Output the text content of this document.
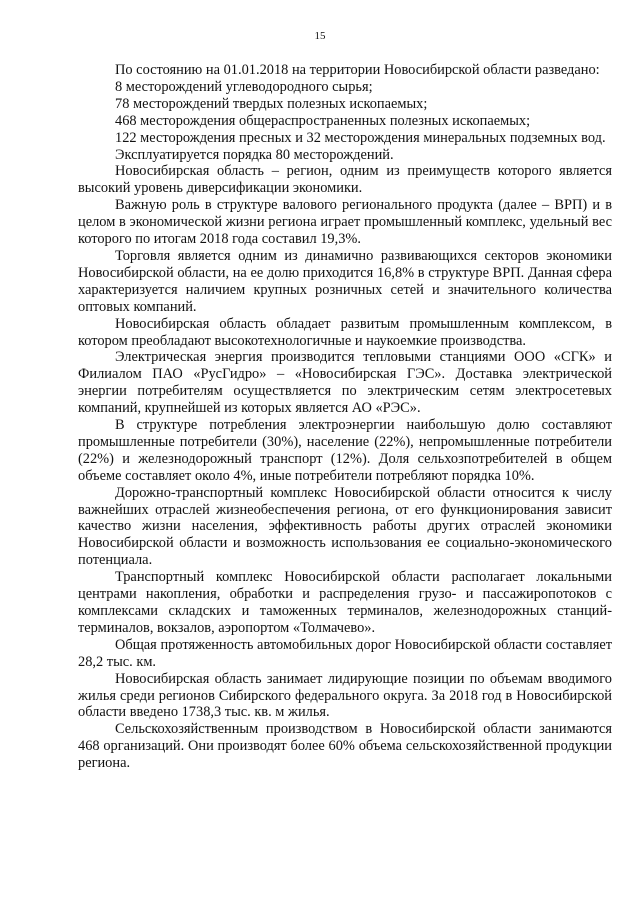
15

По состоянию на 01.01.2018 на территории Новосибирской области разведано:

8 месторождений углеводородного сырья;

78 месторождений твердых полезных ископаемых;

468 месторождения общераспространенных полезных ископаемых;

122 месторождения пресных и 32 месторождения минеральных подземных вод.

Эксплуатируется порядка 80 месторождений.

Новосибирская область – регион, одним из преимуществ которого является высокий уровень диверсификации экономики.

Важную роль в структуре валового регионального продукта (далее – ВРП) и в целом в экономической жизни региона играет промышленный комплекс, удельный вес которого по итогам 2018 года составил 19,3%.

Торговля является одним из динамично развивающихся секторов экономики Новосибирской области, на ее долю приходится 16,8% в структуре ВРП. Данная сфера характеризуется наличием крупных розничных сетей и значительного количества оптовых компаний.

Новосибирская область обладает развитым промышленным комплексом, в котором преобладают высокотехнологичные и наукоемкие производства.

Электрическая энергия производится тепловыми станциями ООО «СГК» и Филиалом ПАО «РусГидро» – «Новосибирская ГЭС». Доставка электрической энергии потребителям осуществляется по электрическим сетям электросетевых компаний, крупнейшей из которых является АО «РЭС».

В структуре потребления электроэнергии наибольшую долю составляют промышленные потребители (30%), население (22%), непромышленные потребители (22%) и железнодорожный транспорт (12%). Доля сельхозпотребителей в общем объеме составляет около 4%, иные потребители потребляют порядка 10%.

Дорожно-транспортный комплекс Новосибирской области относится к числу важнейших отраслей жизнеобеспечения региона, от его функционирования зависит качество жизни населения, эффективность работы других отраслей экономики Новосибирской области и возможность использования ее социально-экономического потенциала.

Транспортный комплекс Новосибирской области располагает локальными центрами накопления, обработки и распределения грузо- и пассажиропотоков с комплексами складских и таможенных терминалов, железнодорожных станций-терминалов, вокзалов, аэропортом «Толмачево».

Общая протяженность автомобильных дорог Новосибирской области составляет 28,2 тыс. км.

Новосибирская область занимает лидирующие позиции по объемам вводимого жилья среди регионов Сибирского федерального округа. За 2018 год в Новосибирской области введено 1738,3 тыс. кв. м жилья.

Сельскохозяйственным производством в Новосибирской области занимаются 468 организаций. Они производят более 60% объема сельскохозяйственной продукции региона.
